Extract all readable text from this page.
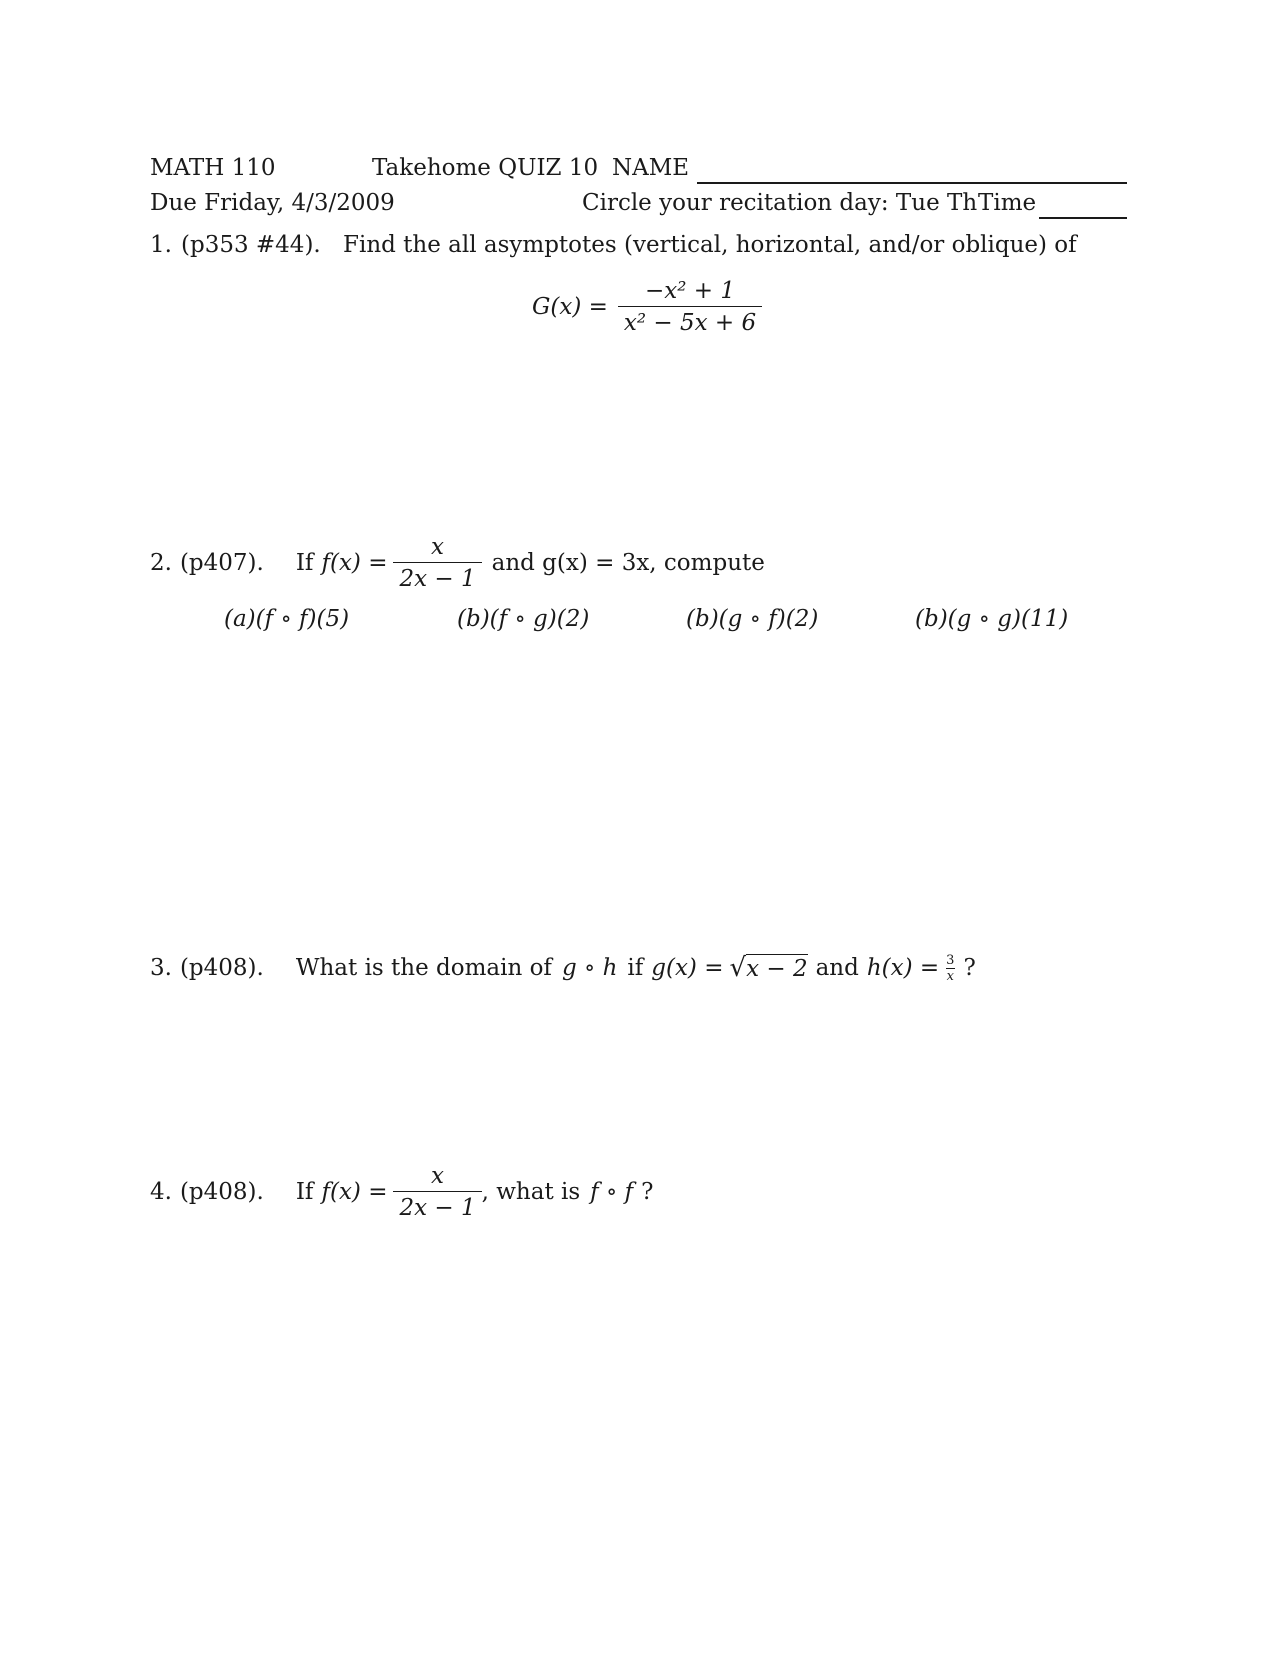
MATH 110	Takehome QUIZ 10 NAME
Due Friday, 4/3/2009	Circle your recitation day: Tue Th Time
1. (p353 #44). Find the all asymptotes (vertical, horizontal, and/or oblique) of
$G(x) = \frac{\text{−x² + 1}}{\text{x² − 5x + 6}}$
2. (p407). If $f(x) = \frac{x}{2x - 1}$ and g(x) = 3x, compute
(a)(f ∘ f)(5)	(b)(f ∘ g)(2)	(b)(g ∘ f)(2)	(b)(g ∘ g)(11)
3. (p408). What is the domain of g ∘ h if g(x) = √ x − 2 and $h(x) = \frac{3}{x}$ ?
4. (p408). If $f(x) = \frac{x}{2x - 1}$ , what is f ∘ f ?
